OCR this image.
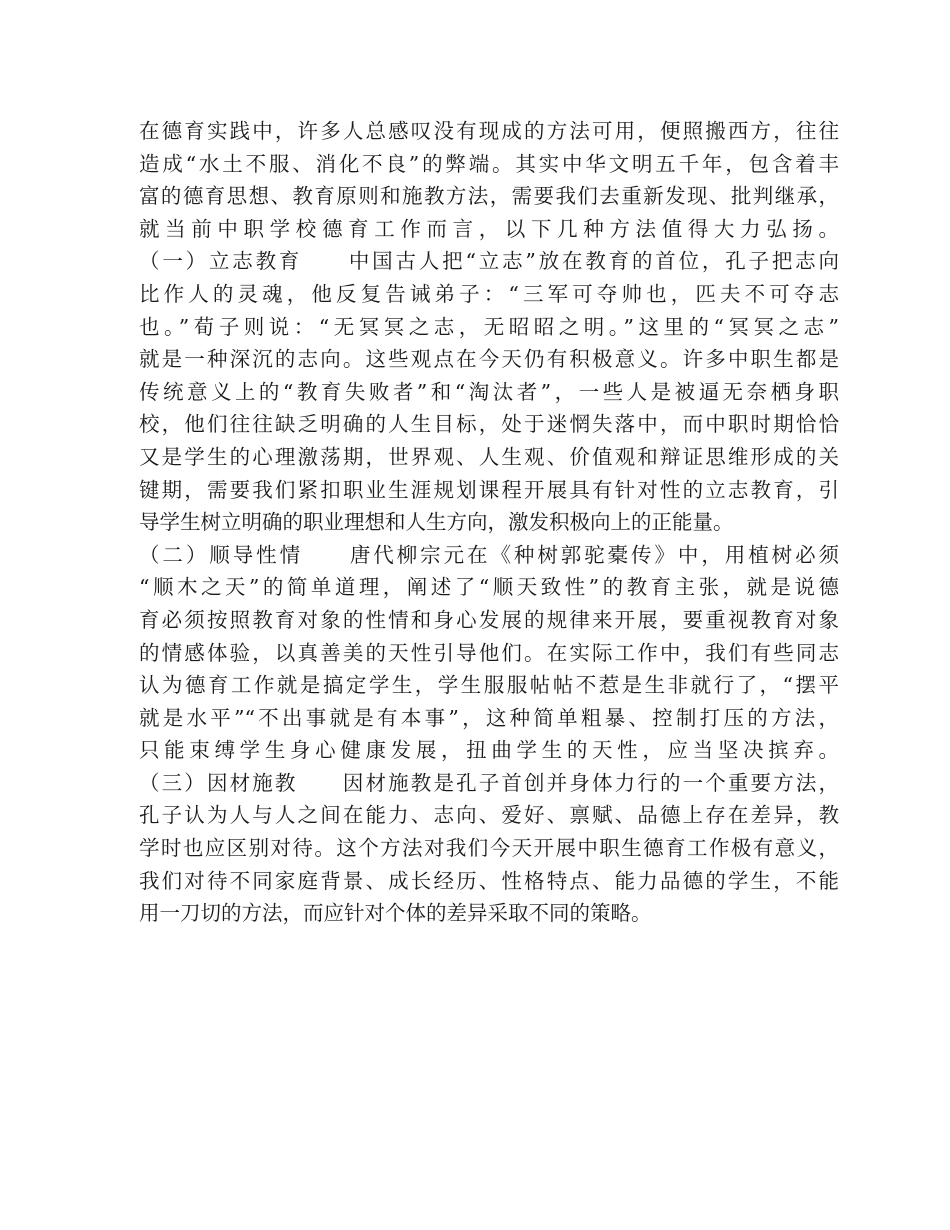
在德育实践中，许多人总感叹没有现成的方法可用，便照搬西方，往往
造成“水土不服、消化不良”的弊端。其实中华文明五千年，包含着丰
富的德育思想、教育原则和施教方法，需要我们去重新发现、批判继承，
就当前中职学校德育工作而言，以下几种方法值得大力弘扬。
（一）立志教育　　中国古人把“立志”放在教育的首位，孔子把志向
比作人的灵魂，他反复告诫弟子：“三军可夺帅也，匹夫不可夺志
也。”荀子则说：“无冥冥之志，无昭昭之明。”这里的“冥冥之志”
就是一种深沉的志向。这些观点在今天仍有积极意义。许多中职生都是
传统意义上的“教育失败者”和“淘汰者”，一些人是被逼无奈栖身职
校，他们往往缺乏明确的人生目标，处于迷惘失落中，而中职时期恰恰
又是学生的心理激荡期，世界观、人生观、价值观和辩证思维形成的关
键期，需要我们紧扣职业生涯规划课程开展具有针对性的立志教育，引
导学生树立明确的职业理想和人生方向，激发积极向上的正能量。
（二）顺导性情　　唐代柳宗元在《种树郭驼橐传》中，用植树必须
“顺木之天”的简单道理，阐述了“顺天致性”的教育主张，就是说德
育必须按照教育对象的性情和身心发展的规律来开展，要重视教育对象
的情感体验，以真善美的天性引导他们。在实际工作中，我们有些同志
认为德育工作就是搞定学生，学生服服帖帖不惹是生非就行了，“摆平
就是水平”“不出事就是有本事”，这种简单粗暴、控制打压的方法，
只能束缚学生身心健康发展，扭曲学生的天性，应当坚决摈弃。
（三）因材施教　　因材施教是孔子首创并身体力行的一个重要方法，
孔子认为人与人之间在能力、志向、爱好、禀赋、品德上存在差异，教
学时也应区别对待。这个方法对我们今天开展中职生德育工作极有意义，
我们对待不同家庭背景、成长经历、性格特点、能力品德的学生，不能
用一刀切的方法，而应针对个体的差异采取不同的策略。
